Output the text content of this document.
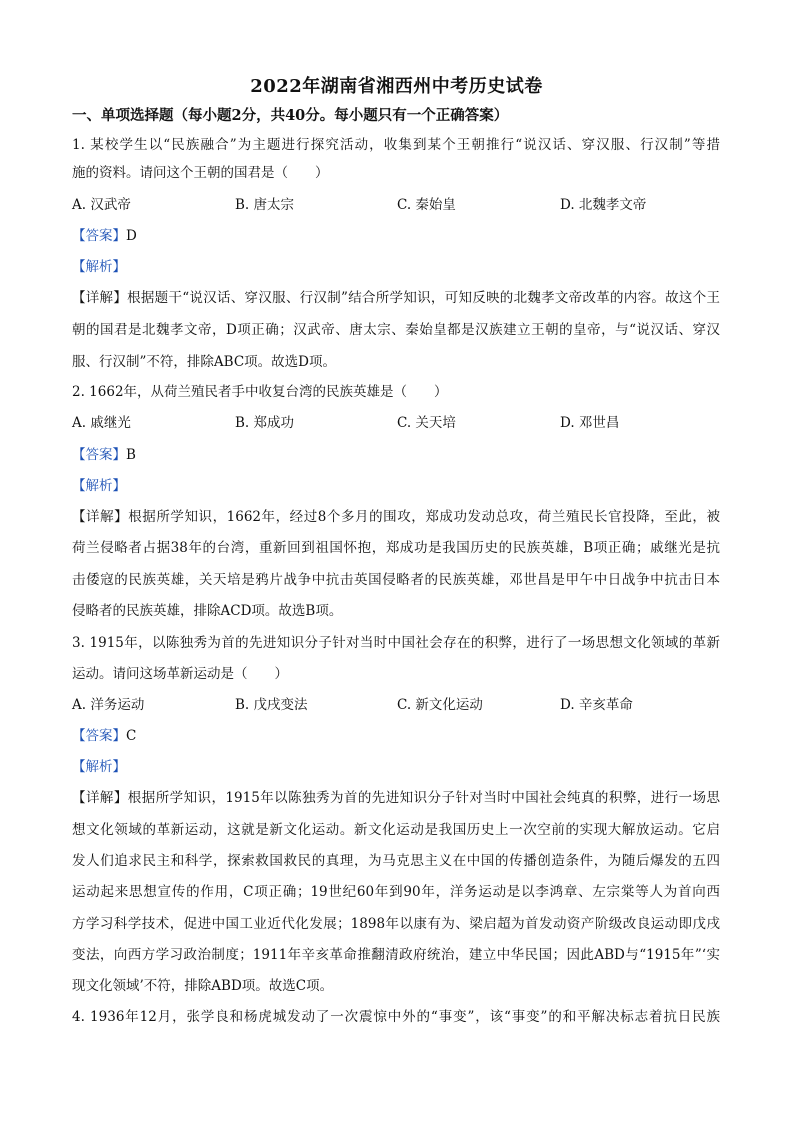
2022年湖南省湘西州中考历史试卷
一、单项选择题（每小题2分，共40分。每小题只有一个正确答案）
1. 某校学生以“民族融合”为主题进行探究活动，收集到某个王朝推行“说汉话、穿汉服、行汉制”等措
施的资料。请问这个王朝的国君是（　　）
A. 汉武帝	B. 唐太宗	C. 秦始皇	D. 北魏孝文帝
【答案】D
【解析】
【详解】根据题干“说汉话、穿汉服、行汉制”结合所学知识，可知反映的北魏孝文帝改革的内容。故这个王
朝的国君是北魏孝文帝，D项正确；汉武帝、唐太宗、秦始皇都是汉族建立王朝的皇帝，与“说汉话、穿汉
服、行汉制”不符，排除ABC项。故选D项。
2. 1662年，从荷兰殖民者手中收复台湾的民族英雄是（　　）
A. 戚继光	B. 郑成功	C. 关天培	D. 邓世昌
【答案】B
【解析】
【详解】根据所学知识，1662年，经过8个多月的围攻，郑成功发动总攻，荷兰殖民长官投降，至此，被
荷兰侵略者占据38年的台湾，重新回到祖国怀抱，郑成功是我国历史的民族英雄，B项正确；戚继光是抗
击倭寇的民族英雄，关天培是鸦片战争中抗击英国侵略者的民族英雄，邓世昌是甲午中日战争中抗击日本
侵略者的民族英雄，排除ACD项。故选B项。
3. 1915年，以陈独秀为首的先进知识分子针对当时中国社会存在的积弊，进行了一场思想文化领域的革新
运动。请问这场革新运动是（　　）
A. 洋务运动	B. 戊戌变法	C. 新文化运动	D. 辛亥革命
【答案】C
【解析】
【详解】根据所学知识，1915年以陈独秀为首的先进知识分子针对当时中国社会纯真的积弊，进行一场思
想文化领域的革新运动，这就是新文化运动。新文化运动是我国历史上一次空前的实现大解放运动。它启
发人们追求民主和科学，探索救国救民的真理，为马克思主义在中国的传播创造条件，为随后爆发的五四
运动起来思想宣传的作用，C项正确；19世纪60年到90年，洋务运动是以李鸿章、左宗棠等人为首向西
方学习科学技术，促进中国工业近代化发展；1898年以康有为、梁启超为首发动资产阶级改良运动即戊戌
变法，向西方学习政治制度；1911年辛亥革命推翻清政府统治，建立中华民国；因此ABD与“1915年”‘实
现文化领域’不符，排除ABD项。故选C项。
4. 1936年12月，张学良和杨虎城发动了一次震惊中外的“事变”，该“事变”的和平解决标志着抗日民族
